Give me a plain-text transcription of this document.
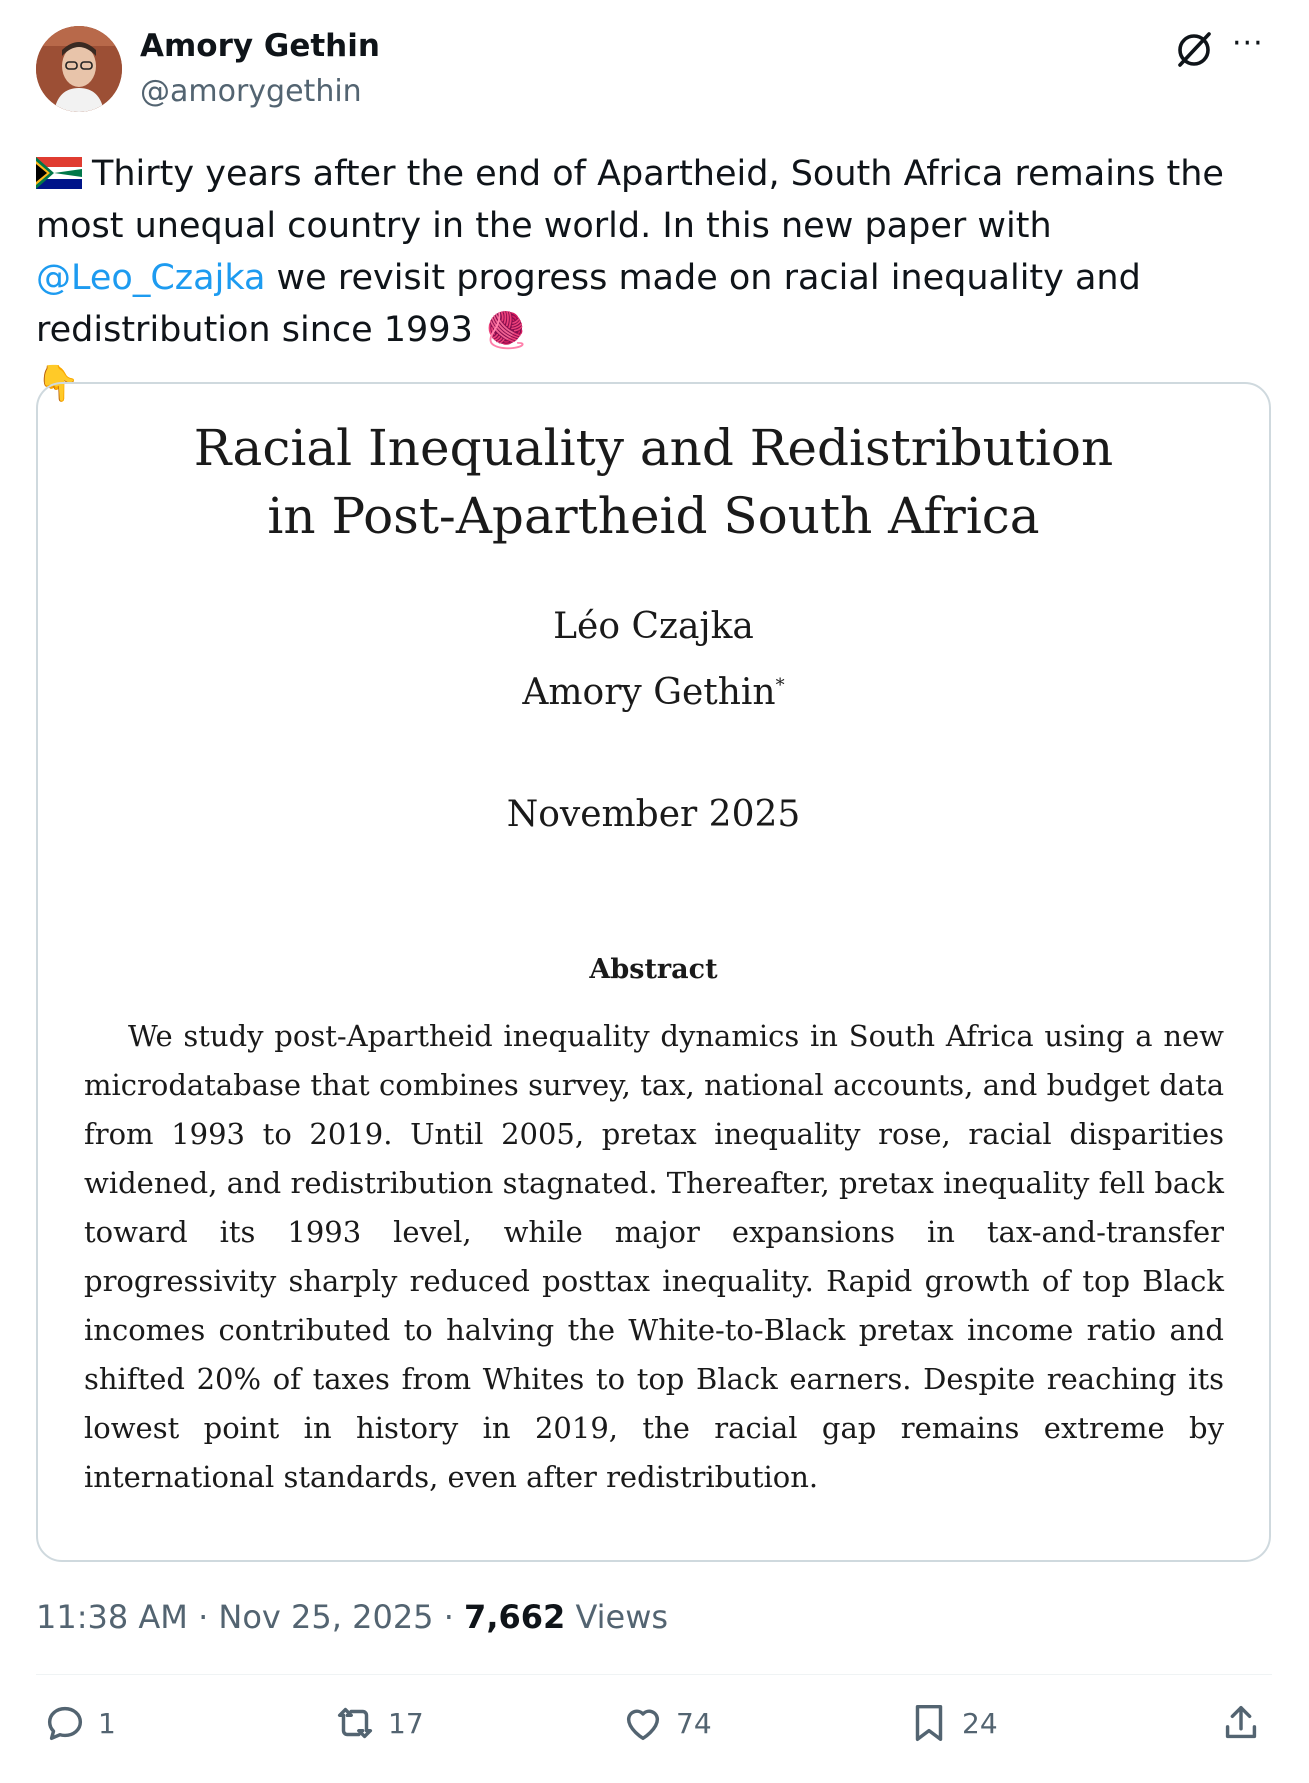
Amory Gethin
@amorygethin
···
Thirty years after the end of Apartheid, South Africa remains the most unequal country in the world. In this new paper with @Leo_Czajka we revisit progress made on racial inequality and redistribution since 1993 🧶
👇
Racial Inequality and Redistribution
in Post-Apartheid South Africa
Léo Czajka
Amory Gethin*
November 2025
Abstract
We study post-Apartheid inequality dynamics in South Africa using a new microdatabase that combines survey, tax, national accounts, and budget data from 1993 to 2019. Until 2005, pretax inequality rose, racial disparities widened, and redistribution stagnated. Thereafter, pretax inequality fell back toward its 1993 level, while major expansions in tax-and-transfer progressivity sharply reduced posttax inequality. Rapid growth of top Black incomes contributed to halving the White-to-Black pretax income ratio and shifted 20% of taxes from Whites to top Black earners. Despite reaching its lowest point in history in 2019, the racial gap remains extreme by international standards, even after redistribution.
11:38 AM · Nov 25, 2025 · 7,662 Views
1	17	74	24
